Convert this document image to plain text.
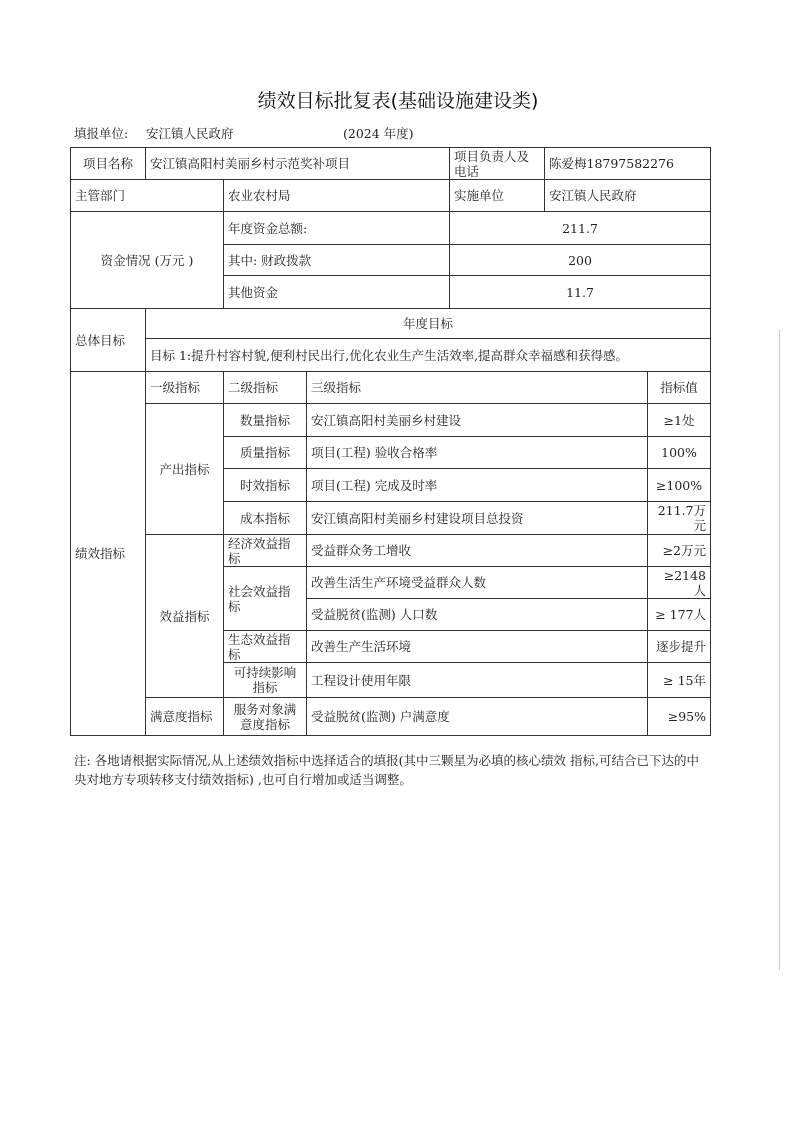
绩效目标批复表(基础设施建设类)
填报单位: 安江镇人民政府	(2024 年度)
项目名称	安江镇高阳村美丽乡村示范奖补项目			项目负责人及电话	陈爱梅18797582276	
主管部门		农业农村局		实施单位	安江镇人民政府	
资金情况 (万元 )		年度资金总额:		211.7		
		其中: 财政拨款		200		
		其他资金		11.7		
总体目标	年度目标					
	目标 1:提升村容村貌,便利村民出行,优化农业生产生活效率,提高群众幸福感和获得感。					
绩效指标	一级指标	二级指标	三级指标			指标值
	产出指标	数量指标	安江镇高阳村美丽乡村建设			≥1处
		质量指标	项目(工程) 验收合格率			100%
		时效指标	项目(工程) 完成及时率			≥100%
		成本指标	安江镇高阳村美丽乡村建设项目总投资			211.7万元
	效益指标	经济效益指标	受益群众务工增收			≥2万元
		社会效益指标	改善生活生产环境受益群众人数			≥2148人
			受益脱贫(监测) 人口数			≥ 177人
		生态效益指标	改善生产生活环境			逐步提升
		可持续影响指标	工程设计使用年限			≥ 15年
	满意度指标	服务对象满意度指标	受益脱贫(监测) 户满意度			≥95%
注: 各地请根据实际情况,从上述绩效指标中选择适合的填报(其中三颗星为必填的核心绩效 指标,可结合已下达的中央对地方专项转移支付绩效指标) ,也可自行增加或适当调整。
